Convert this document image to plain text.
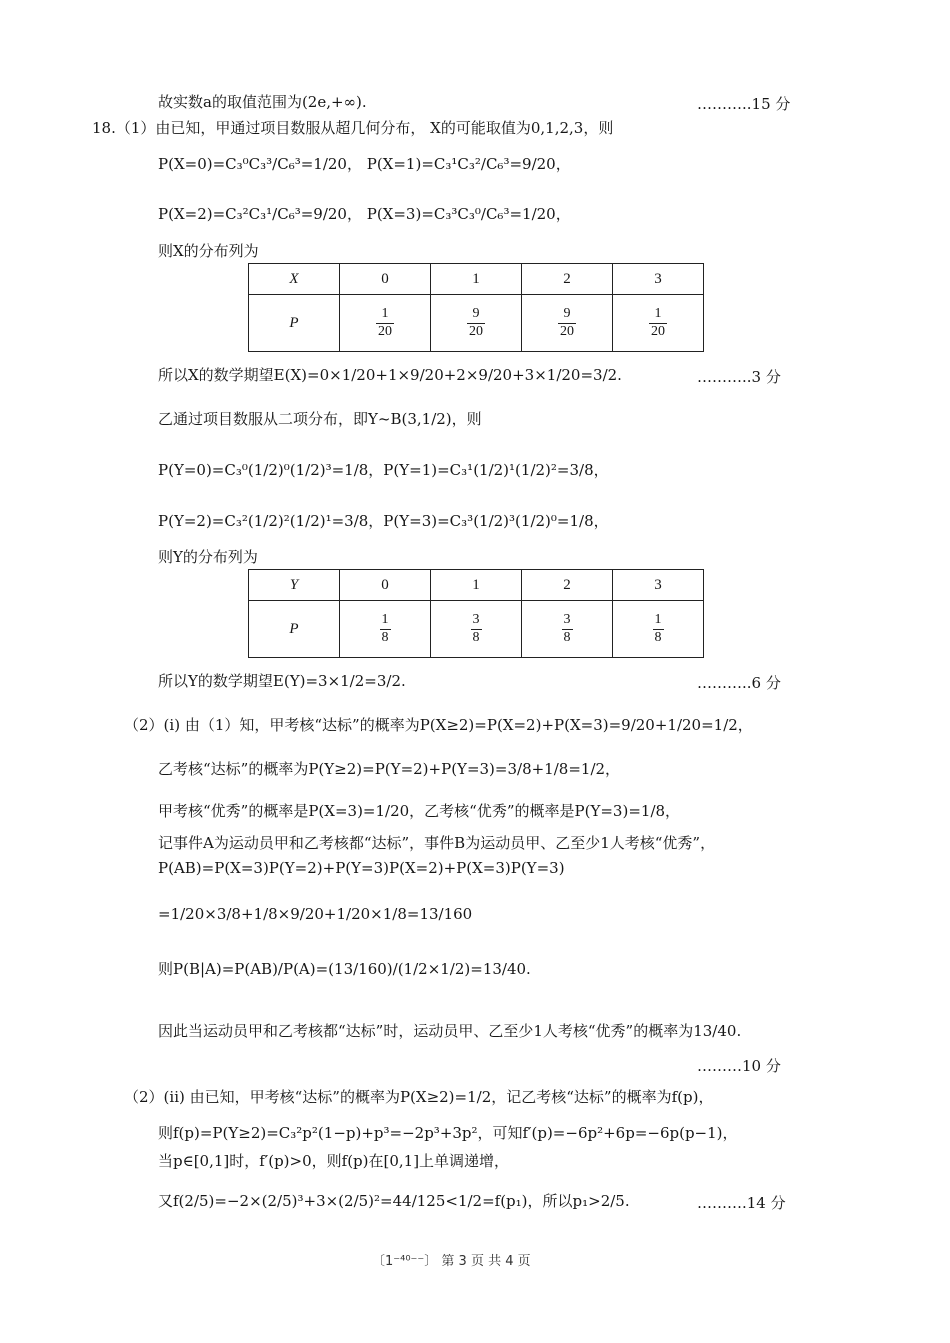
故实数a的取值范围为(2e,+∞).	………..15 分
18.（1）由已知，甲通过项目数服从超几何分布， X的可能取值为0,1,2,3，则
P(X=0)=C₃⁰C₃³/C₆³=1/20， P(X=1)=C₃¹C₃²/C₆³=9/20，
P(X=2)=C₃²C₃¹/C₆³=9/20， P(X=3)=C₃³C₃⁰/C₆³=1/20，
则X的分布列为
X	0	1	2	3
P	$\frac{1}{20}$	$\frac{9}{20}$	$\frac{9}{20}$	$\frac{1}{20}$
所以X的数学期望E(X)=0×1/20+1×9/20+2×9/20+3×1/20=3/2.	………..3 分
乙通过项目数服从二项分布，即Y~B(3,1/2)，则
P(Y=0)=C₃⁰(1/2)⁰(1/2)³=1/8，P(Y=1)=C₃¹(1/2)¹(1/2)²=3/8，
P(Y=2)=C₃²(1/2)²(1/2)¹=3/8，P(Y=3)=C₃³(1/2)³(1/2)⁰=1/8，
则Y的分布列为
Y	0	1	2	3
P	$\frac{1}{8}$	$\frac{3}{8}$	$\frac{3}{8}$	$\frac{1}{8}$
所以Y的数学期望E(Y)=3×1/2=3/2.	………..6 分
（2）(i) 由（1）知，甲考核“达标”的概率为P(X≥2)=P(X=2)+P(X=3)=9/20+1/20=1/2，
乙考核“达标”的概率为P(Y≥2)=P(Y=2)+P(Y=3)=3/8+1/8=1/2，
甲考核“优秀”的概率是P(X=3)=1/20，乙考核“优秀”的概率是P(Y=3)=1/8，
记事件A为运动员甲和乙考核都“达标”，事件B为运动员甲、乙至少1人考核“优秀”，
P(AB)=P(X=3)P(Y=2)+P(Y=3)P(X=2)+P(X=3)P(Y=3)
=1/20×3/8+1/8×9/20+1/20×1/8=13/160
则P(B|A)=P(AB)/P(A)=(13/160)/(1/2×1/2)=13/40.
因此当运动员甲和乙考核都“达标”时，运动员甲、乙至少1人考核“优秀”的概率为13/40.
………10 分
（2）(ii) 由已知，甲考核“达标”的概率为P(X≥2)=1/2，记乙考核“达标”的概率为f(p)，
则f(p)=P(Y≥2)=C₃²p²(1−p)+p³=−2p³+3p²，可知f′(p)=−6p²+6p=−6p(p−1)，
当p∈[0,1]时，f′(p)>0，则f(p)在[0,1]上单调递增，
又f(2/5)=−2×(2/5)³+3×(2/5)²=44/125<1/2=f(p₁)，所以p₁>2/5.	……….14 分
〔1⁻⁴⁰⁻⁻〕 第 3 页 共 4 页
